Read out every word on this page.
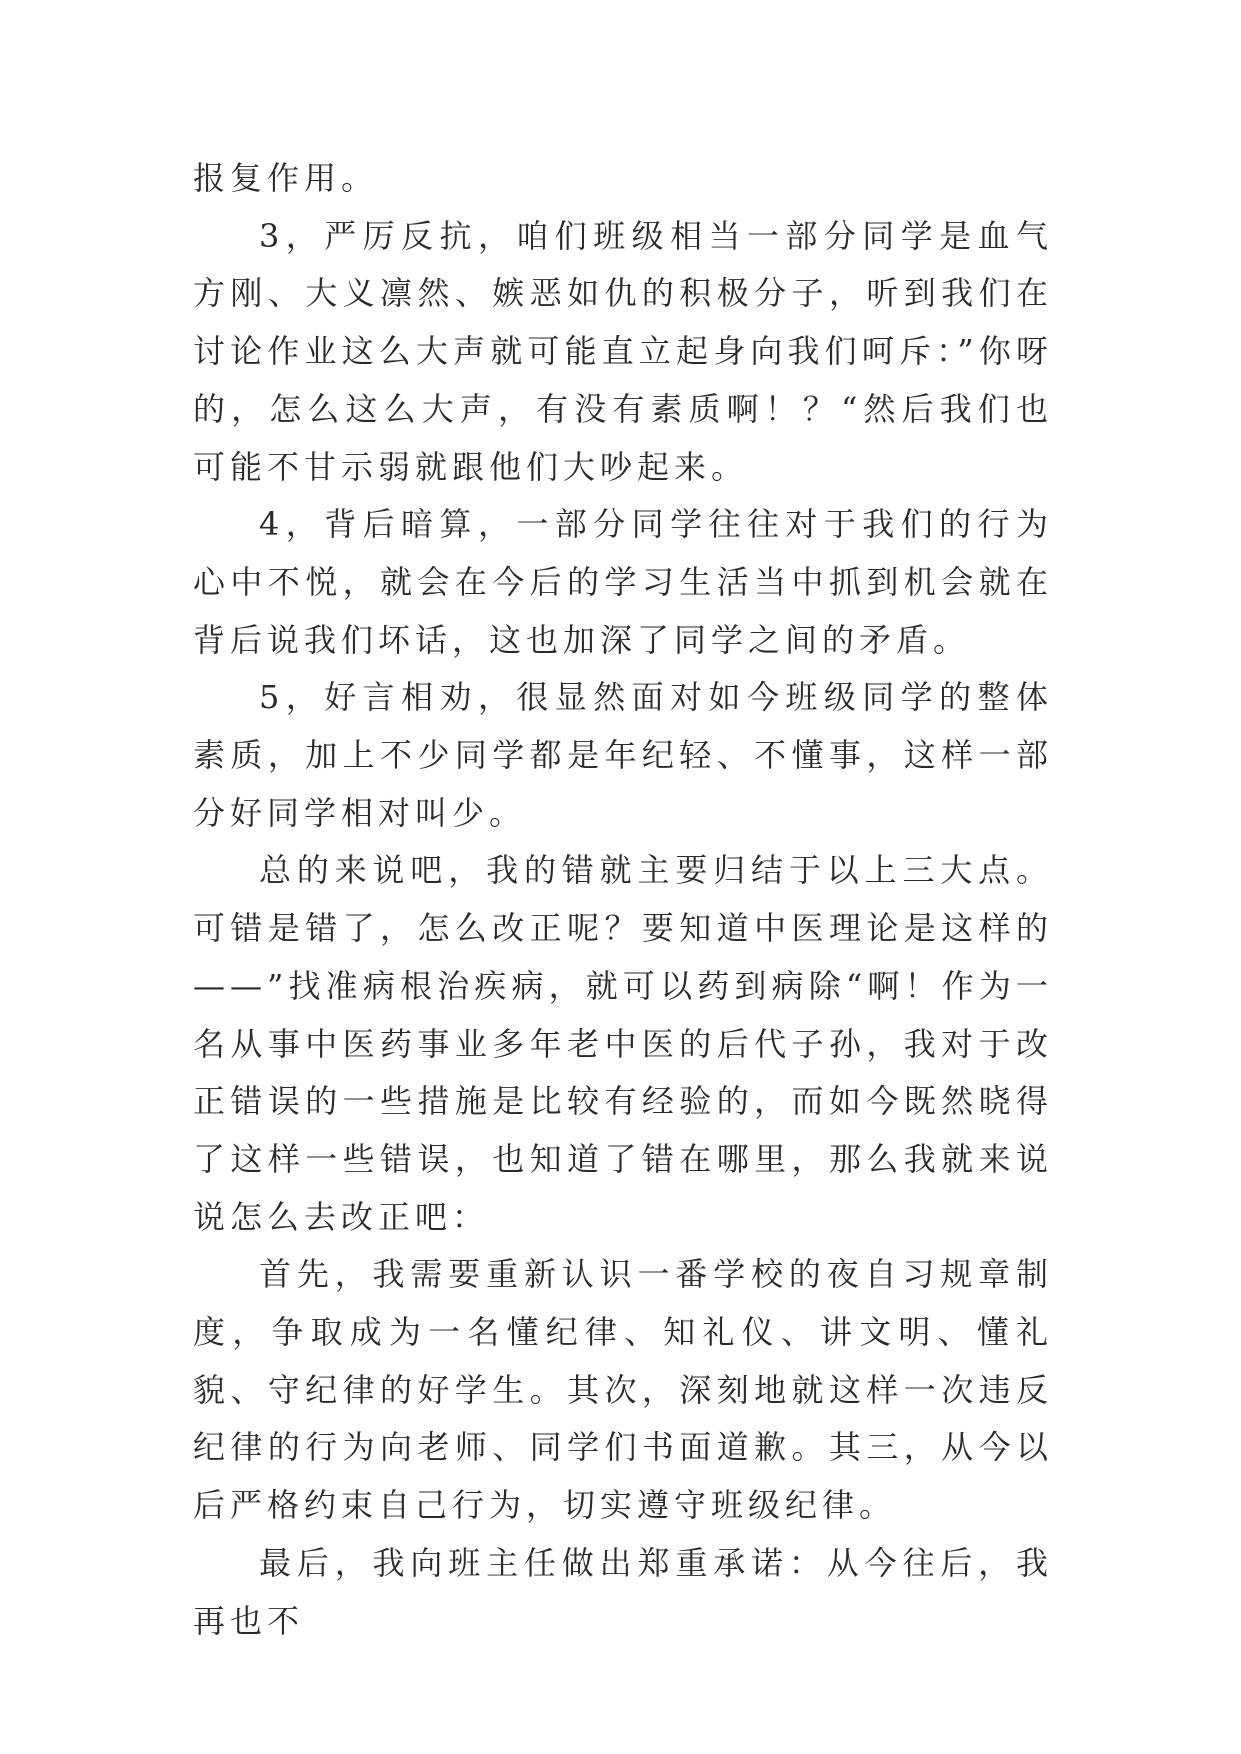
报复作用。

3，严厉反抗，咱们班级相当一部分同学是血气方刚、大义凛然、嫉恶如仇的积极分子，听到我们在讨论作业这么大声就可能直立起身向我们呵斥：”你呀的，怎么这么大声，有没有素质啊！？“然后我们也可能不甘示弱就跟他们大吵起来。

4，背后暗算，一部分同学往往对于我们的行为心中不悦，就会在今后的学习生活当中抓到机会就在背后说我们坏话，这也加深了同学之间的矛盾。

5，好言相劝，很显然面对如今班级同学的整体素质，加上不少同学都是年纪轻、不懂事，这样一部分好同学相对叫少。

总的来说吧，我的错就主要归结于以上三大点。可错是错了，怎么改正呢？要知道中医理论是这样的——”找准病根治疾病，就可以药到病除“啊！作为一名从事中医药事业多年老中医的后代子孙，我对于改正错误的一些措施是比较有经验的，而如今既然晓得了这样一些错误，也知道了错在哪里，那么我就来说说怎么去改正吧：

首先，我需要重新认识一番学校的夜自习规章制度，争取成为一名懂纪律、知礼仪、讲文明、懂礼貌、守纪律的好学生。其次，深刻地就这样一次违反纪律的行为向老师、同学们书面道歉。其三，从今以后严格约束自己行为，切实遵守班级纪律。

最后，我向班主任做出郑重承诺：从今往后，我再也不
